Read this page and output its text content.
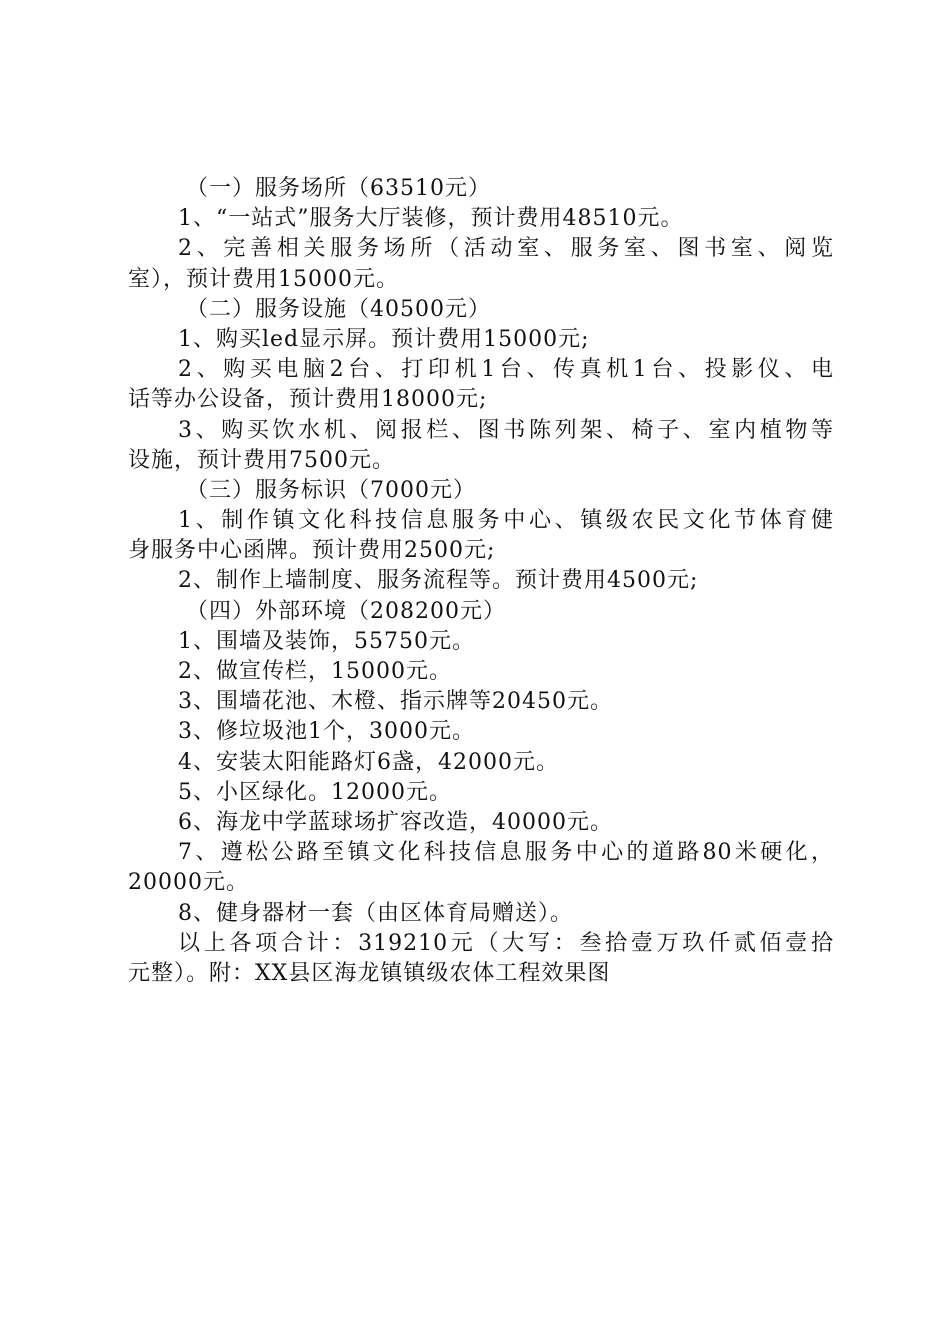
（一）服务场所（63510元）
1、“一站式”服务大厅装修，预计费用48510元。
2、完善相关服务场所（活动室、服务室、图书室、阅览
室），预计费用15000元。
（二）服务设施（40500元）
1、购买led显示屏。预计费用15000元;
2、购买电脑2台、打印机1台、传真机1台、投影仪、电
话等办公设备，预计费用18000元;
3、购买饮水机、阅报栏、图书陈列架、椅子、室内植物等
设施，预计费用7500元。
（三）服务标识（7000元）
1、制作镇文化科技信息服务中心、镇级农民文化节体育健
身服务中心函牌。预计费用2500元;
2、制作上墙制度、服务流程等。预计费用4500元;
（四）外部环境（208200元）
1、围墙及装饰，55750元。
2、做宣传栏，15000元。
3、围墙花池、木橙、指示牌等20450元。
3、修垃圾池1个，3000元。
4、安装太阳能路灯6盏，42000元。
5、小区绿化。12000元。
6、海龙中学蓝球场扩容改造，40000元。
7、遵松公路至镇文化科技信息服务中心的道路80米硬化，
20000元。
8、健身器材一套（由区体育局赠送）。
以上各项合计：319210元（大写：叁拾壹万玖仟贰佰壹拾
元整）。附：XX县区海龙镇镇级农体工程效果图
